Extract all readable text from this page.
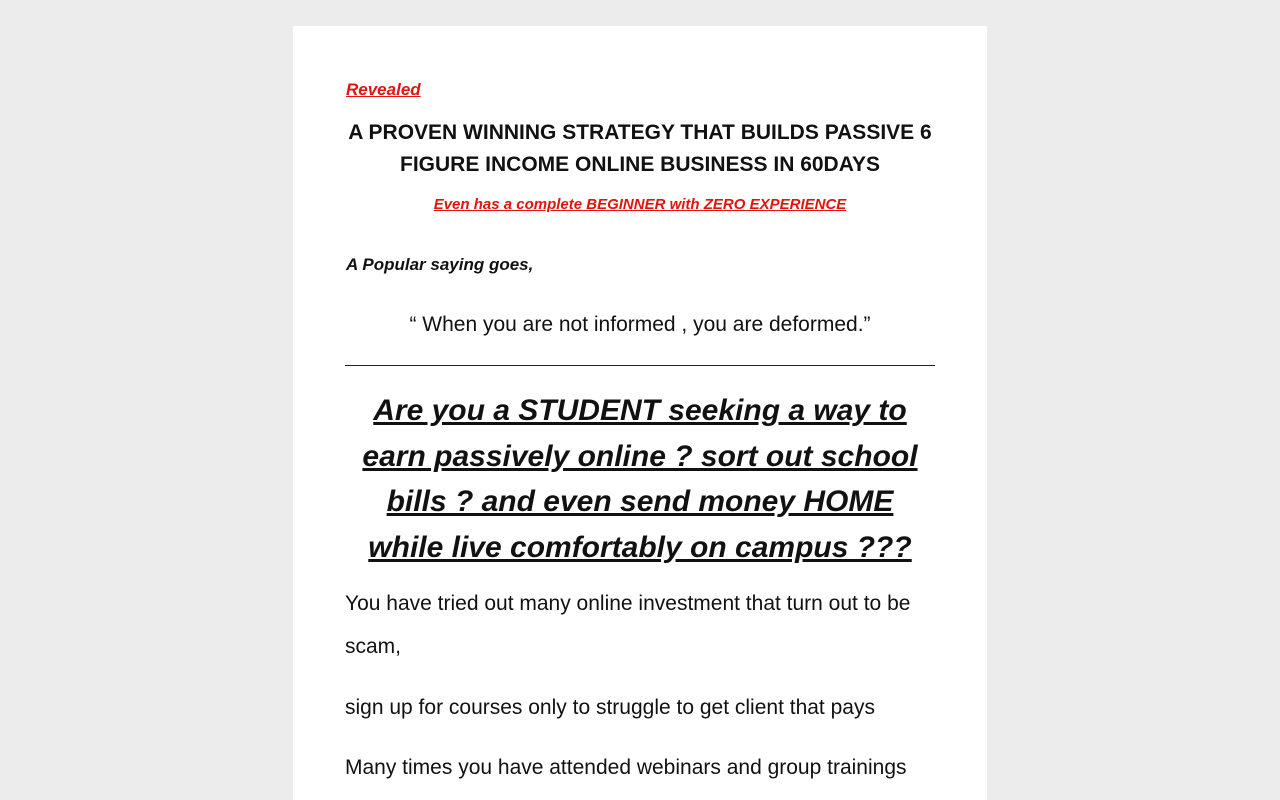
Revealed

A PROVEN WINNING STRATEGY THAT BUILDS PASSIVE 6 FIGURE INCOME ONLINE BUSINESS IN 60DAYS

Even has a complete BEGINNER with ZERO EXPERIENCE

A Popular saying goes,

“ When you are not informed , you are deformed.”

Are you a STUDENT seeking a way to earn passively online ? sort out school bills ? and even send money HOME while live comfortably on campus ???

You have tried out many online investment that turn out to be scam,

sign up for courses only to struggle to get client that pays

Many times you have attended webinars and group trainings
